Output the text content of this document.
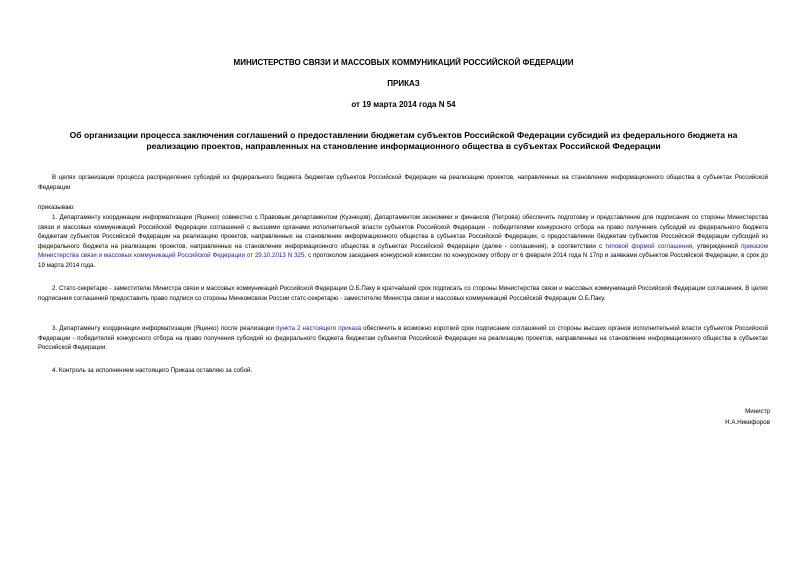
МИНИСТЕРСТВО СВЯЗИ И МАССОВЫХ КОММУНИКАЦИЙ РОССИЙСКОЙ ФЕДЕРАЦИИ
ПРИКАЗ
от 19 марта 2014 года N 54
Об организации процесса заключения соглашений о предоставлении бюджетам субъектов Российской Федерации субсидий из федерального бюджета на реализацию проектов, направленных на становление информационного общества в субъектах Российской Федерации
В целях организации процесса распределения субсидий из федерального бюджета бюджетам субъектов Российской Федерации на реализацию проектов, направленных на становление информационного общества в субъектах Российской Федерации
приказываю:
1. Департаменту координации информатизации (Яценко) совместно с Правовым департаментом (Кузнецов), Департаментом экономики и финансов (Петрова) обеспечить подготовку и представление для подписания со стороны Министерства связи и массовых коммуникаций Российской Федерации соглашений с высшими органами исполнительной власти субъектов Российской Федерации - победителями конкурсного отбора на право получения субсидий из федерального бюджета бюджетам субъектов Российской Федерации на реализацию проектов, направленных на становление информационного общества в субъектах Российской Федерации, о предоставлении бюджетам субъектов Российской Федерации субсидий из федерального бюджета на реализацию проектов, направленных на становление информационного общества в субъектах Российской Федерации (далее - соглашения), в соответствии с типовой формой соглашения, утвержденной приказом Министерства связи и массовых коммуникаций Российской Федерации от 29.10.2013 N 325, с протоколом заседания конкурсной комиссии по конкурсному отбору от 6 февраля 2014 года N 17пр и заявками субъектов Российской Федерации, в срок до 19 марта 2014 года.
2. Статс-секретарю - заместителю Министра связи и массовых коммуникаций Российской Федерации О.Б.Паку в кратчайший срок подписать со стороны Министерства связи и массовых коммуникаций Российской Федерации соглашения. В целях подписания соглашений предоставить право подписи со стороны Минкомсвязи России статс-секретарю - заместителю Министра связи и массовых коммуникаций Российской Федерации О.Б.Паку.
3. Департаменту координации информатизации (Яценко) после реализации пункта 2 настоящего приказа обеспечить в возможно короткий срок подписание соглашений со стороны высших органов исполнительной власти субъектов Российской Федерации - победителей конкурсного отбора на право получения субсидий из федерального бюджета бюджетам субъектов Российской Федерации на реализацию проектов, направленных на становление информационного общества в субъектах Российской Федерации.
4. Контроль за исполнением настоящего Приказа оставляю за собой.
Министр
Н.А.Никифоров
